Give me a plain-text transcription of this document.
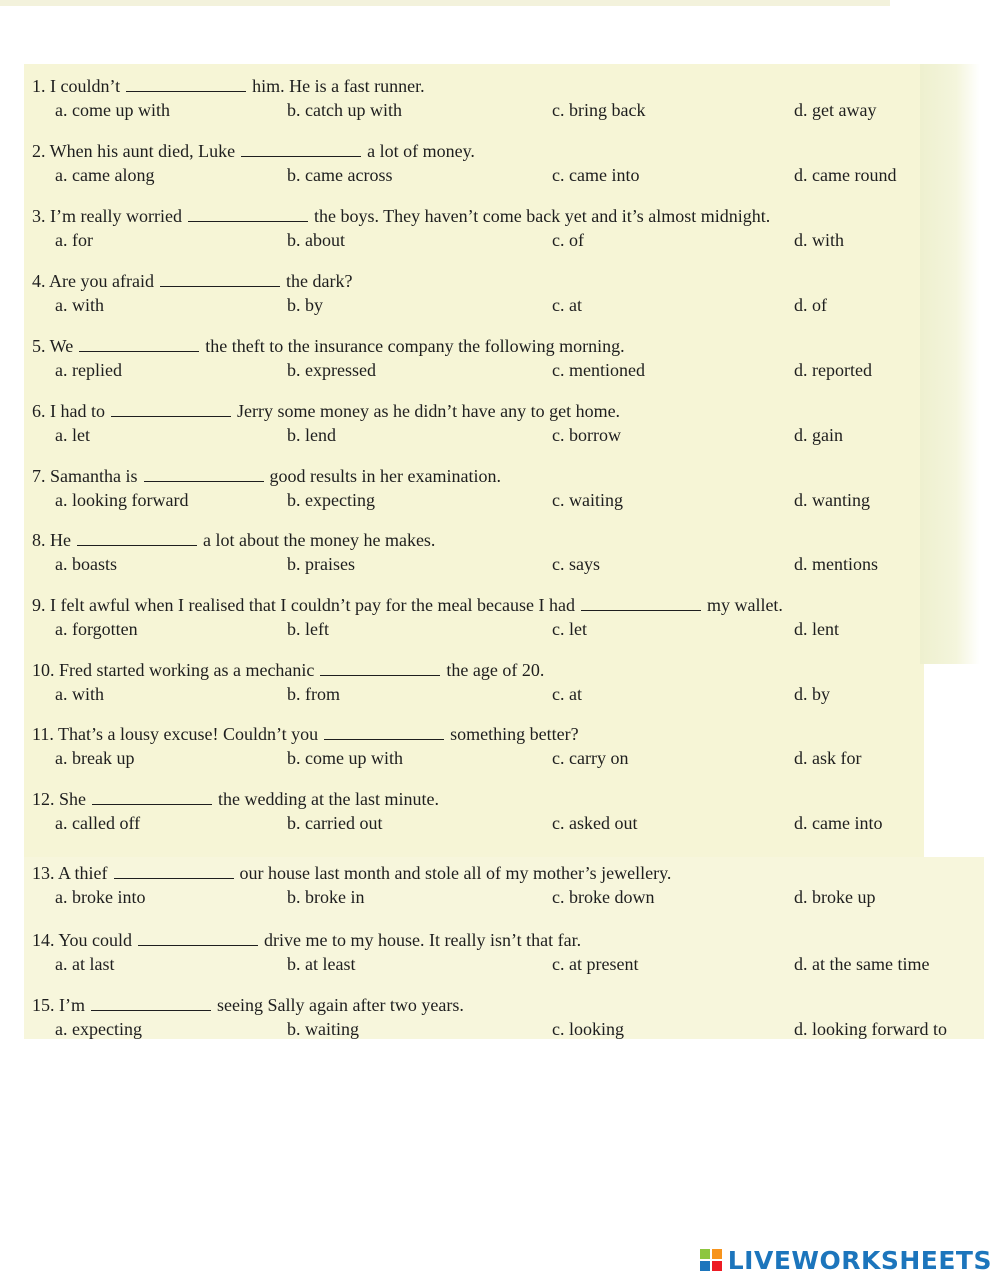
1. I couldn’t	him. He is a fast runner.
a. come up with	b. catch up with	c. bring back	d. get away
2. When his aunt died, Luke	a lot of money.
a. came along	b. came across	c. came into	d. came round
3. I’m really worried	the boys. They haven’t come back yet and it’s almost midnight.
a. for	b. about	c. of	d. with
4. Are you afraid	the dark?
a. with	b. by	c. at	d. of
5. We	the theft to the insurance company the following morning.
a. replied	b. expressed	c. mentioned	d. reported
6. I had to	Jerry some money as he didn’t have any to get home.
a. let	b. lend	c. borrow	d. gain
7. Samantha is	good results in her examination.
a. looking forward	b. expecting	c. waiting	d. wanting
8. He	a lot about the money he makes.
a. boasts	b. praises	c. says	d. mentions
9. I felt awful when I realised that I couldn’t pay for the meal because I had	my wallet.
a. forgotten	b. left	c. let	d. lent
10. Fred started working as a mechanic	the age of 20.
a. with	b. from	c. at	d. by
11. That’s a lousy excuse! Couldn’t you	something better?
a. break up	b. come up with	c. carry on	d. ask for
12. She	the wedding at the last minute.
a. called off	b. carried out	c. asked out	d. came into
13. A thief	our house last month and stole all of my mother’s jewellery.
a. broke into	b. broke in	c. broke down	d. broke up
14. You could	drive me to my house. It really isn’t that far.
a. at last	b. at least	c. at present	d. at the same time
15. I’m	seeing Sally again after two years.
a. expecting	b. waiting	c. looking	d. looking forward to
LIVEWORKSHEETS
